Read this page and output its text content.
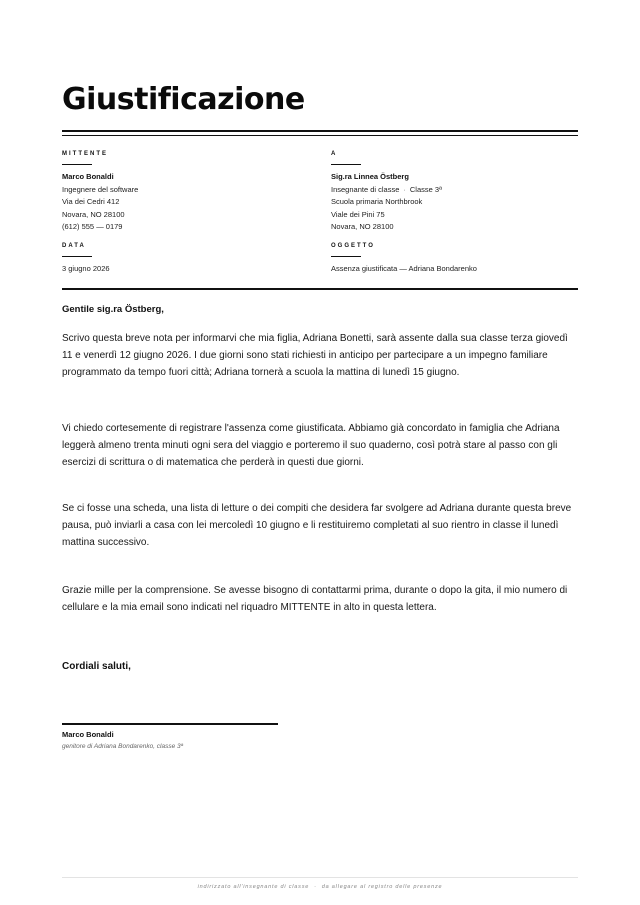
Giustificazione
MITTENTE
Marco Bonaldi
Ingegnere del software
Via dei Cedri 412
Novara, NO 28100
(612) 555 — 0179
A
Sig.ra Linnea Östberg
Insegnante di classe · Classe 3ª
Scuola primaria Northbrook
Viale dei Pini 75
Novara, NO 28100
DATA
3 giugno 2026
OGGETTO
Assenza giustificata — Adriana Bondarenko
Gentile sig.ra Östberg,

Scrivo questa breve nota per informarvi che mia figlia, Adriana Bonetti, sarà assente dalla sua classe terza giovedì 11 e venerdì 12 giugno 2026. I due giorni sono stati richiesti in anticipo per partecipare a un impegno familiare programmato da tempo fuori città; Adriana tornerà a scuola la mattina di lunedì 15 giugno.

Vi chiedo cortesemente di registrare l'assenza come giustificata. Abbiamo già concordato in famiglia che Adriana leggerà almeno trenta minuti ogni sera del viaggio e porteremo il suo quaderno, così potrà stare al passo con gli esercizi di scrittura o di matematica che perderà in questi due giorni.

Se ci fosse una scheda, una lista di letture o dei compiti che desidera far svolgere ad Adriana durante questa breve pausa, può inviarli a casa con lei mercoledì 10 giugno e li restituiremo completati al suo rientro in classe il lunedì mattina successivo.

Grazie mille per la comprensione. Se avesse bisogno di contattarmi prima, durante o dopo la gita, il mio numero di cellulare e la mia email sono indicati nel riquadro MITTENTE in alto in questa lettera.

Cordiali saluti,
Marco Bonaldi
genitore di Adriana Bondarenko, classe 3ª
indirizzato all'insegnante di classe · da allegare al registro delle presenze
